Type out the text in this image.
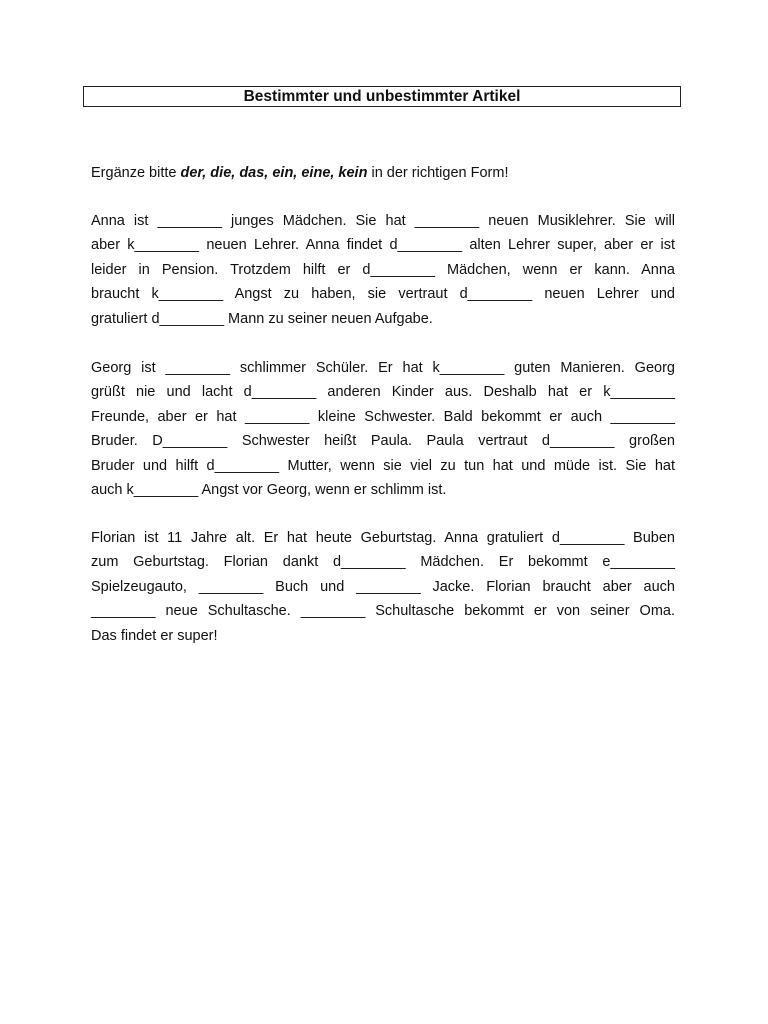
Bestimmter und unbestimmter Artikel
Ergänze bitte der, die, das, ein, eine, kein in der richtigen Form!
Anna ist ________ junges Mädchen. Sie hat ________ neuen Musiklehrer. Sie will
aber k________ neuen Lehrer. Anna findet d________ alten Lehrer super, aber er ist
leider in Pension. Trotzdem hilft er d________ Mädchen, wenn er kann. Anna
braucht k________ Angst zu haben, sie vertraut d________ neuen Lehrer und
gratuliert d________ Mann zu seiner neuen Aufgabe.
Georg ist ________ schlimmer Schüler. Er hat k________ guten Manieren. Georg
grüßt nie und lacht d________ anderen Kinder aus. Deshalb hat er k________
Freunde, aber er hat ________ kleine Schwester. Bald bekommt er auch ________
Bruder. D________ Schwester heißt Paula. Paula vertraut d________ großen
Bruder und hilft d________ Mutter, wenn sie viel zu tun hat und müde ist. Sie hat
auch k________ Angst vor Georg, wenn er schlimm ist.
Florian ist 11 Jahre alt. Er hat heute Geburtstag. Anna gratuliert d________ Buben
zum Geburtstag. Florian dankt d________ Mädchen. Er bekommt e________
Spielzeugauto, ________ Buch und ________ Jacke. Florian braucht aber auch
________ neue Schultasche. ________ Schultasche bekommt er von seiner Oma.
Das findet er super!
